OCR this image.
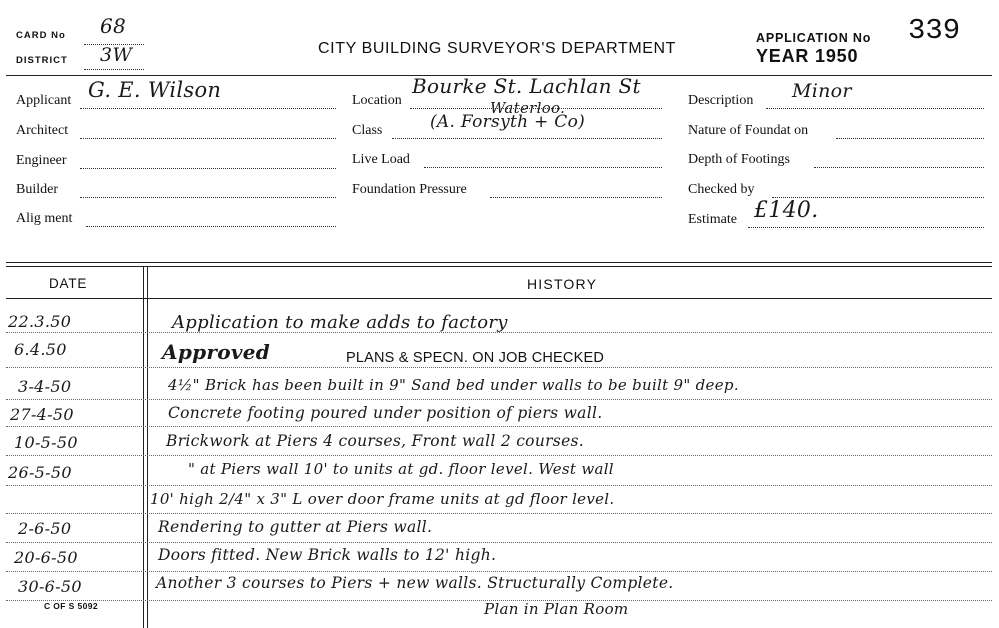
CARD No 68
DISTRICT 3W	CITY BUILDING SURVEYOR'S DEPARTMENT
APPLICATION No 339
YEAR 1950
Applicant G. E. Wilson
Architect
Engineer
Builder
Alig ment
Location
Bourke St. Lachlan St
Waterloo.
Class	(A. Forsyth + Co)
Live Load
Foundation Pressure
Description Minor
Nature of Foundat on
Depth of Footings
Checked by
Estimate £140.
DATE	HISTORY
22.3.50	Application to make adds to factory
6.4.50	Approved	PLANS & SPECN. ON JOB CHECKED
3-4-50	4½" Brick has been built in 9" Sand bed under walls to be built 9" deep.
27-4-50	Concrete footing poured under position of piers wall.
10-5-50	Brickwork at Piers 4 courses, Front wall 2 courses.
26-5-50	" at Piers wall 10' to units at gd. floor level. West wall
10' high 2/4" x 3" L over door frame units at gd floor level.
2-6-50	Rendering to gutter at Piers wall.
20-6-50	Doors fitted. New Brick walls to 12' high.
30-6-50	Another 3 courses to Piers + new walls. Structurally Complete.
Plan in Plan Room
C OF S 5092
